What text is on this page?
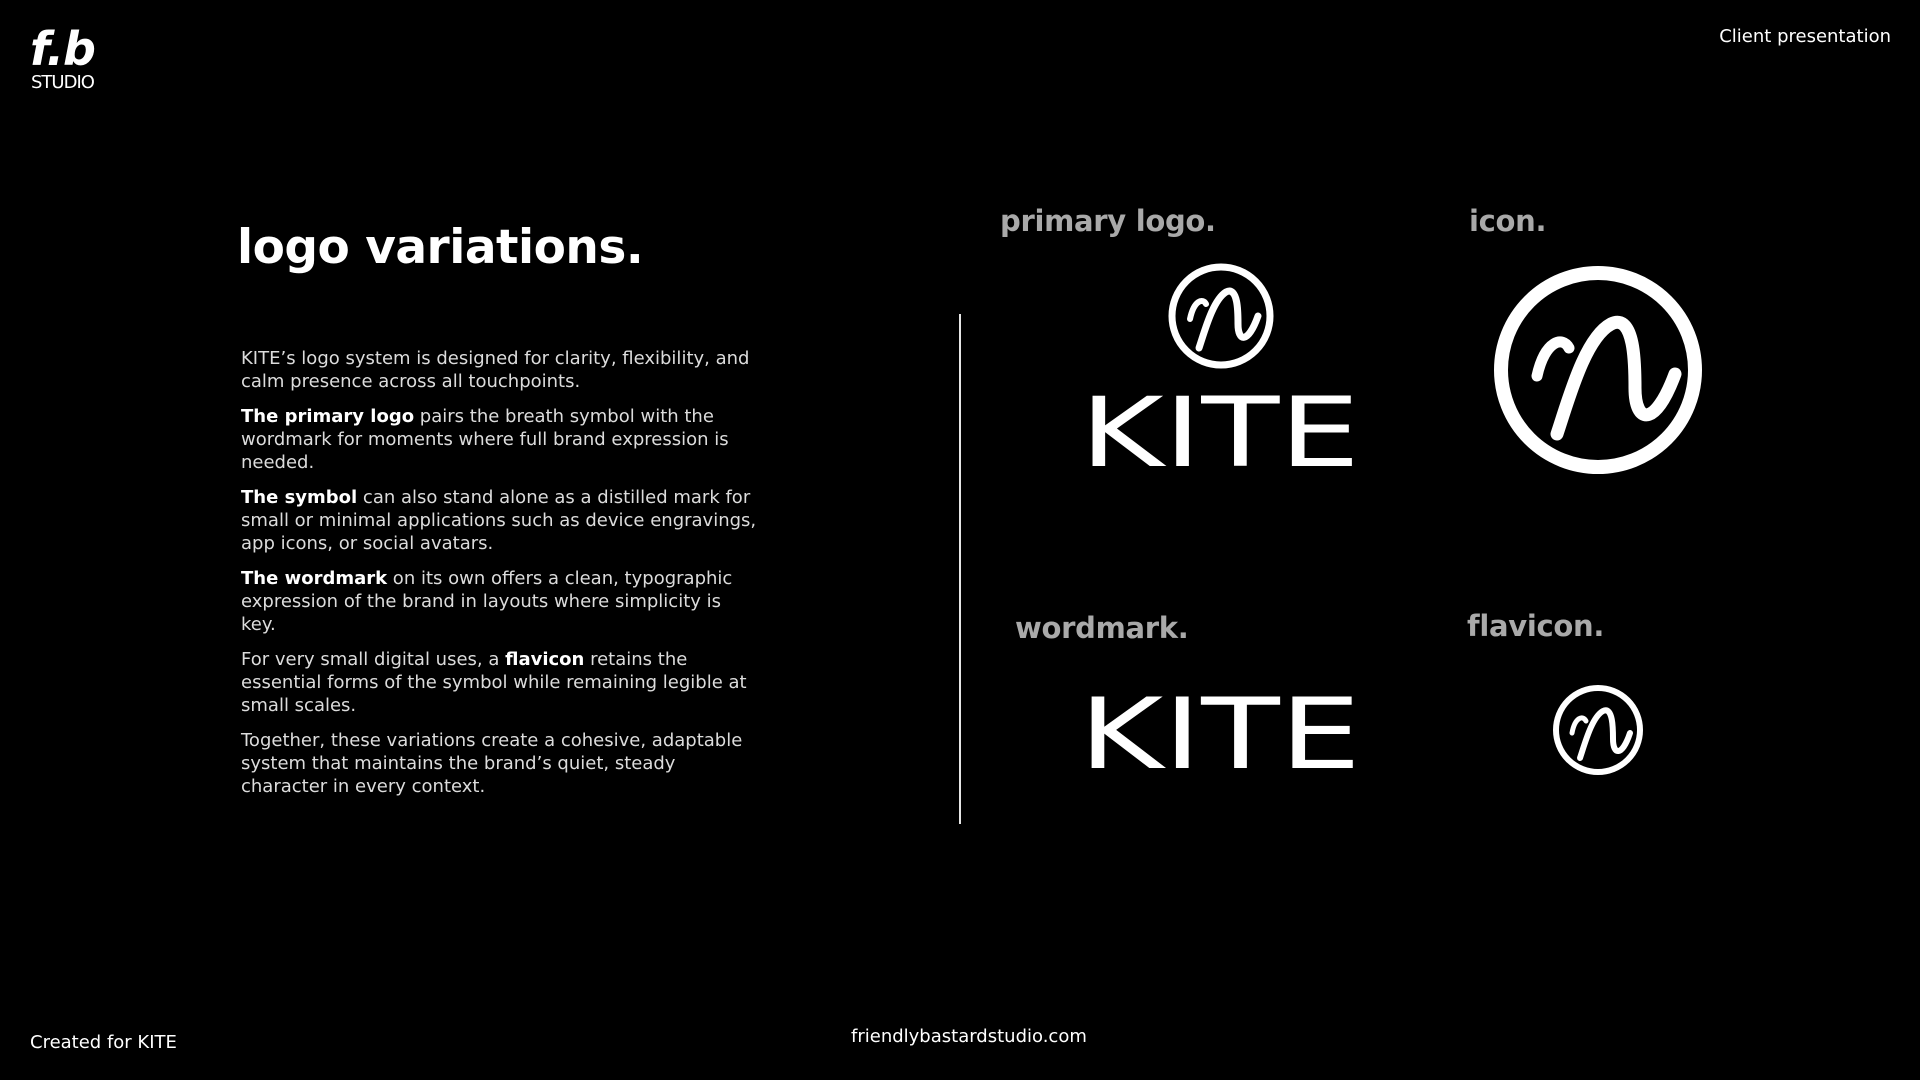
f.b
STUDIO
Client presentation
logo variations.

KITE’s logo system is designed for clarity, flexibility, and calm presence across all touchpoints.

The primary logo pairs the breath symbol with the wordmark for moments where full brand expression is needed.

The symbol can also stand alone as a distilled mark for small or minimal applications such as device engravings, app icons, or social avatars.

The wordmark on its own offers a clean, typographic expression of the brand in layouts where simplicity is key.

For very small digital uses, a flavicon retains the essential forms of the symbol while remaining legible at small scales.

Together, these variations create a cohesive, adaptable system that maintains the brand’s quiet, steady character in every context.

primary logo.	icon.
wordmark.	flavicon.
KITE
KITE
Created for KITE	friendlybastardstudio.com
